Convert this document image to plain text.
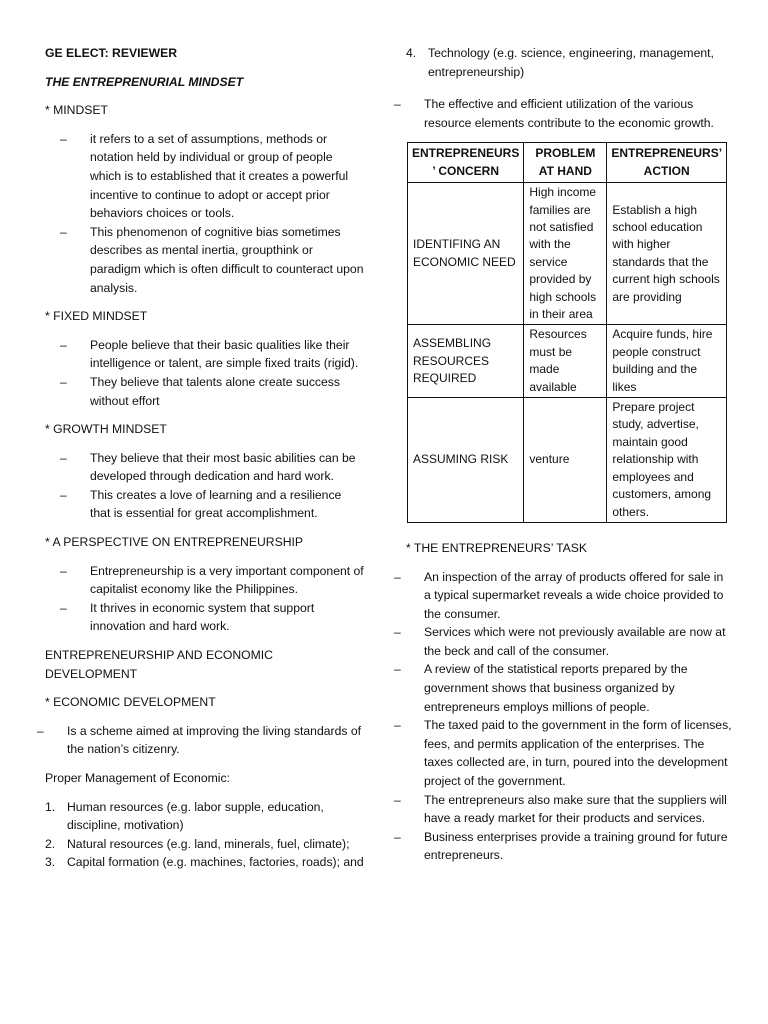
GE ELECT: REVIEWER

THE ENTREPRENURIAL MINDSET

* MINDSET

– it refers to a set of assumptions, methods or notation held by individual or group of people which is to established that it creates a powerful incentive to continue to adopt or accept prior behaviors choices or tools.
– This phenomenon of cognitive bias sometimes describes as mental inertia, groupthink or paradigm which is often difficult to counteract upon analysis.

* FIXED MINDSET

– People believe that their basic qualities like their intelligence or talent, are simple fixed traits (rigid).
– They believe that talents alone create success without effort

* GROWTH MINDSET

– They believe that their most basic abilities can be developed through dedication and hard work.
– This creates a love of learning and a resilience that is essential for great accomplishment.

* A PERSPECTIVE ON ENTREPRENEURSHIP

– Entrepreneurship is a very important component of capitalist economy like the Philippines.
– It thrives in economic system that support innovation and hard work.

ENTREPRENEURSHIP AND ECONOMIC DEVELOPMENT

* ECONOMIC DEVELOPMENT

– Is a scheme aimed at improving the living standards of the nation’s citizenry.

Proper Management of Economic:

1. Human resources (e.g. labor supple, education, discipline, motivation)
2. Natural resources (e.g. land, minerals, fuel, climate);
3. Capital formation (e.g. machines, factories, roads); and
4. Technology (e.g. science, engineering, management, entrepreneurship)
– The effective and efficient utilization of the various resource elements contribute to the economic growth.
ENTREPRENEURS ’ CONCERN	PROBLEM AT HAND	ENTREPRENEURS’ ACTION
IDENTIFING AN ECONOMIC NEED	High income families are not satisfied with the service provided by high schools in their area	Establish a high school education with higher standards that the current high schools are providing
ASSEMBLING RESOURCES REQUIRED	Resources must be made available	Acquire funds, hire people construct building and the likes
ASSUMING RISK	venture	Prepare project study, advertise, maintain good relationship with employees and customers, among others.

* THE ENTREPRENEURS’ TASK

– An inspection of the array of products offered for sale in a typical supermarket reveals a wide choice provided to the consumer.
– Services which were not previously available are now at the beck and call of the consumer.
– A review of the statistical reports prepared by the government shows that business organized by entrepreneurs employs millions of people.
– The taxed paid to the government in the form of licenses, fees, and permits application of the enterprises. The taxes collected are, in turn, poured into the development project of the government.
– The entrepreneurs also make sure that the suppliers will have a ready market for their products and services.
– Business enterprises provide a training ground for future entrepreneurs.
